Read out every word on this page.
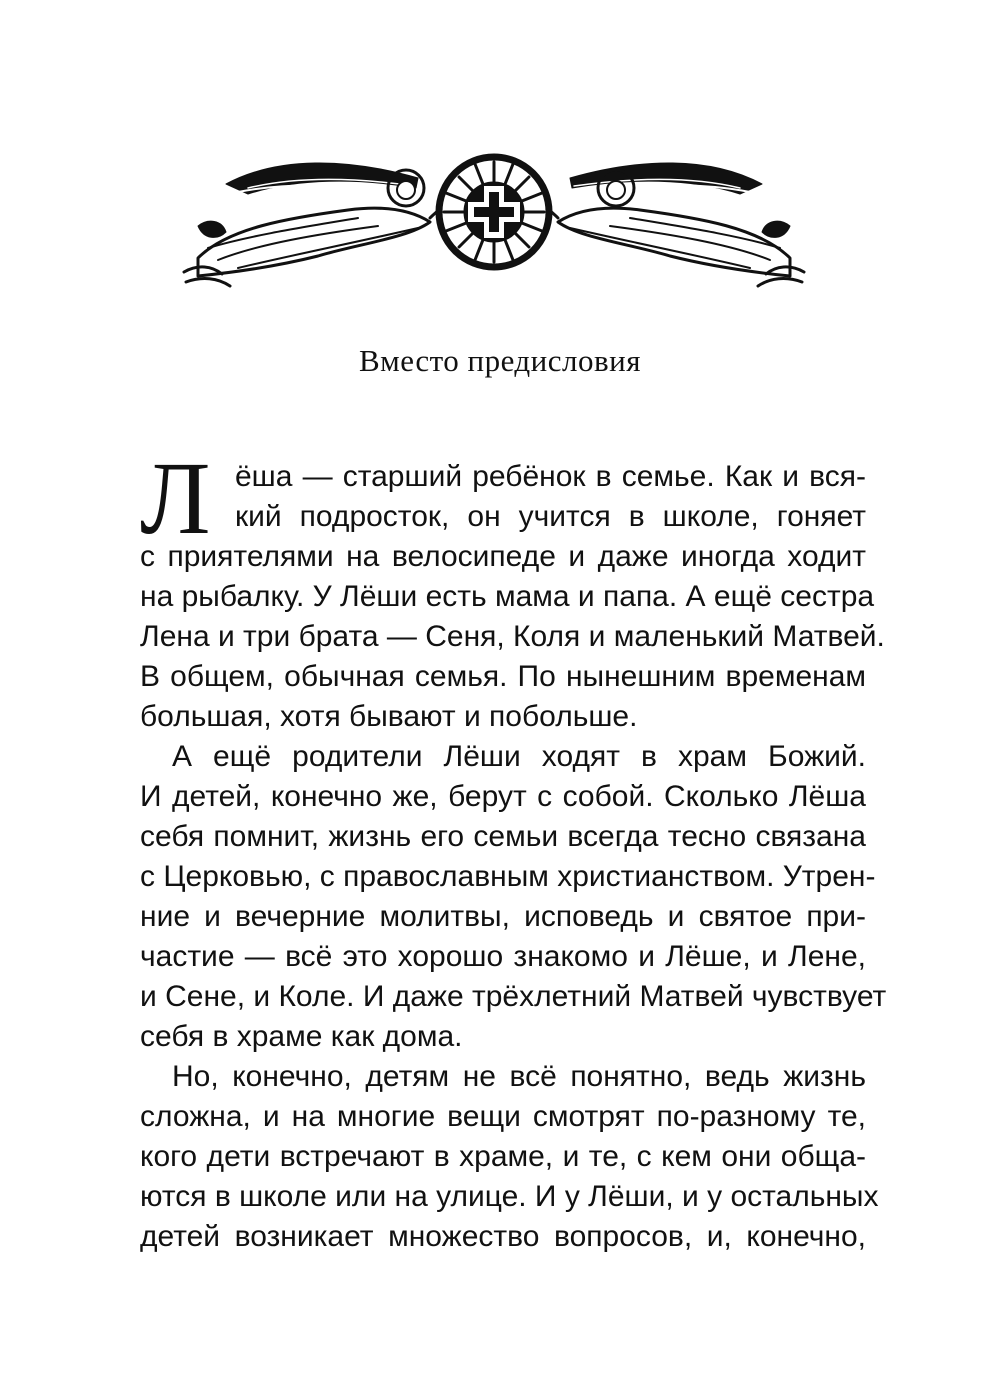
Вместо предисловия
Л ёша — старший ребёнок в семье. Как и вся-
кий подросток, он учится в школе, гоняет
с приятелями на велосипеде и даже иногда ходит
на рыбалку. У Лёши есть мама и папа. А ещё сестра
Лена и три брата — Сеня, Коля и маленький Матвей.
В общем, обычная семья. По нынешним временам
большая, хотя бывают и побольше.
А ещё родители Лёши ходят в храм Божий.
И детей, конечно же, берут с собой. Сколько Лёша
себя помнит, жизнь его семьи всегда тесно связана
с Церковью, с православным христианством. Утрен-
ние и вечерние молитвы, исповедь и святое при-
частие — всё это хорошо знакомо и Лёше, и Лене,
и Сене, и Коле. И даже трёхлетний Матвей чувствует
себя в храме как дома.
Но, конечно, детям не всё понятно, ведь жизнь
сложна, и на многие вещи смотрят по-разному те,
кого дети встречают в храме, и те, с кем они обща-
ются в школе или на улице. И у Лёши, и у остальных
детей возникает множество вопросов, и, конечно,
